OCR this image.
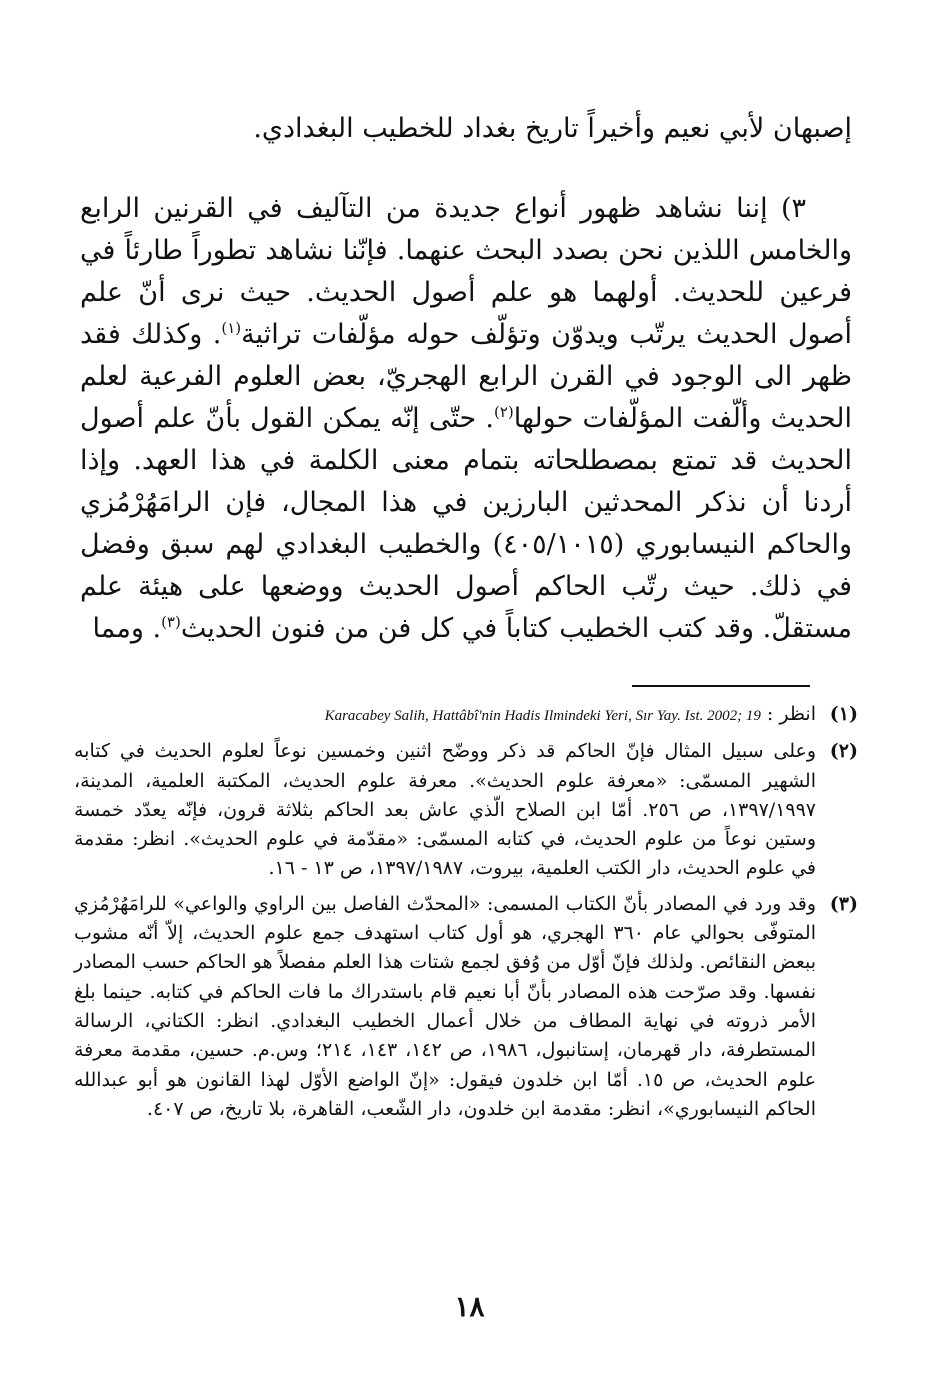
إصبهان لأبي نعيم وأخيراً تاريخ بغداد للخطيب البغدادي.

٣) إننا نشاهد ظهور أنواع جديدة من التآليف في القرنين الرابع والخامس اللذين نحن بصدد البحث عنهما. فإنّنا نشاهد تطوراً طارئاً في فرعين للحديث. أولهما هو علم أصول الحديث. حيث نرى أنّ علم أصول الحديث يرتّب ويدوّن وتؤلّف حوله مؤلّفات تراثية$^{(١)}$. وكذلك فقد ظهر الى الوجود في القرن الرابع الهجريّ، بعض العلوم الفرعية لعلم الحديث وألّفت المؤلّفات حولها$^{(٢)}$. حتّى إنّه يمكن القول بأنّ علم أصول الحديث قد تمتع بمصطلحاته بتمام معنى الكلمة في هذا العهد. وإذا أردنا أن نذكر المحدثين البارزين في هذا المجال، فإن الرامَهُرْمُزي والحاكم النيسابوري (٤٠٥/١٠١٥) والخطيب البغدادي لهم سبق وفضل في ذلك. حيث رتّب الحاكم أصول الحديث ووضعها على هيئة علم مستقلّ. وقد كتب الخطيب كتاباً في كل فن من فنون الحديث$^{(٣)}$. ومما

(١)
انظر : Karacabey Salih, Hattâbî'nin Hadis Ilmindeki Yeri, Sır Yay. Ist. 2002; 19
(٢)
وعلى سبيل المثال فإنّ الحاكم قد ذكر ووضّح اثنين وخمسين نوعاً لعلوم الحديث في كتابه الشهير المسمّى: «معرفة علوم الحديث». معرفة علوم الحديث، المكتبة العلمية، المدينة، ١٣٩٧/١٩٩٧، ص ٢٥٦. أمّا ابن الصلاح الّذي عاش بعد الحاكم بثلاثة قرون، فإنّه يعدّد خمسة وستين نوعاً من علوم الحديث، في كتابه المسمّى: «مقدّمة في علوم الحديث». انظر: مقدمة في علوم الحديث، دار الكتب العلمية، بيروت، ١٣٩٧/١٩٨٧، ص ١٣ - ١٦.
(٣)
وقد ورد في المصادر بأنّ الكتاب المسمى: «المحدّث الفاصل بين الراوي والواعي» للرامَهُرْمُزي المتوفّى بحوالي عام ٣٦٠ الهجري، هو أول كتاب استهدف جمع علوم الحديث، إلاّ أنّه مشوب ببعض النقائص. ولذلك فإنّ أوّل من وُفق لجمع شتات هذا العلم مفصلاً هو الحاكم حسب المصادر نفسها. وقد صرّحت هذه المصادر بأنّ أبا نعيم قام باستدراك ما فات الحاكم في كتابه. حينما بلغ الأمر ذروته في نهاية المطاف من خلال أعمال الخطيب البغدادي. انظر: الكتاني، الرسالة المستطرفة، دار قهرمان، إستانبول، ١٩٨٦، ص ١٤٢، ١٤٣، ٢١٤؛ وس.م. حسين، مقدمة معرفة علوم الحديث، ص ١٥. أمّا ابن خلدون فيقول: «إنّ الواضع الأوّل لهذا القانون هو أبو عبدالله الحاكم النيسابوري»، انظر: مقدمة ابن خلدون، دار الشّعب، القاهرة، بلا تاريخ، ص ٤٠٧.
١٨
